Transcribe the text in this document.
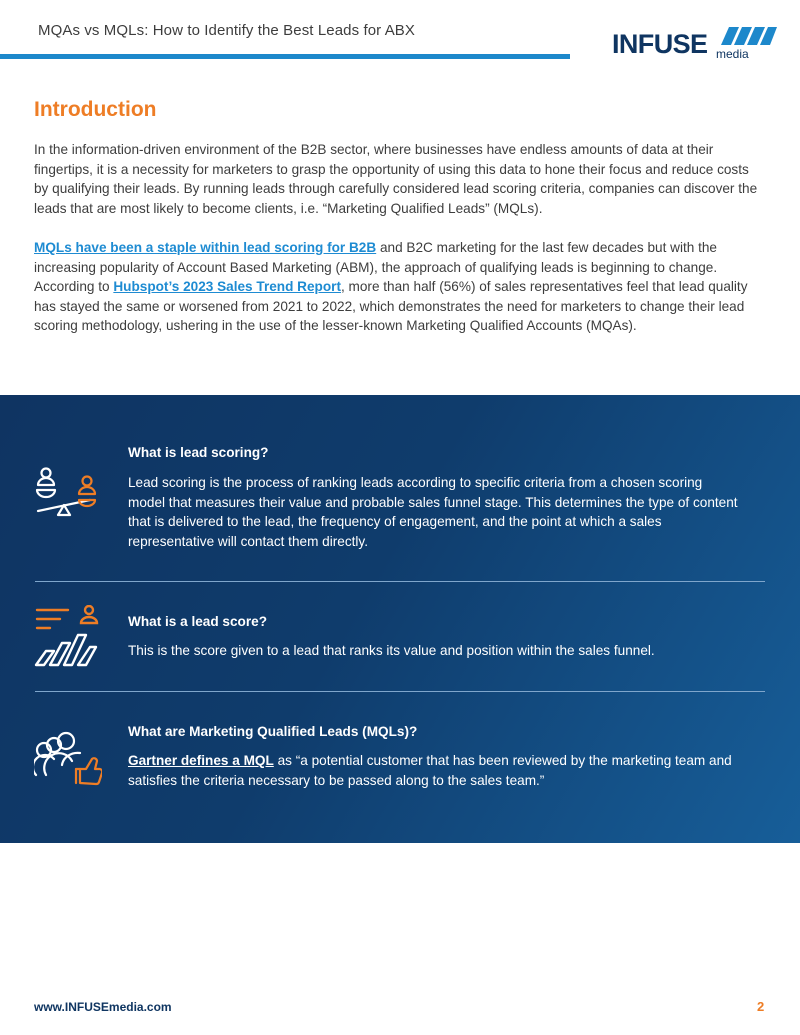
MQAs vs MQLs: How to Identify the Best Leads for ABX	INFUSE media
Introduction

In the information-driven environment of the B2B sector, where businesses have endless amounts of data at their fingertips, it is a necessity for marketers to grasp the opportunity of using this data to hone their focus and reduce costs by qualifying their leads. By running leads through carefully considered lead scoring criteria, companies can discover the leads that are most likely to become clients, i.e. “Marketing Qualified Leads” (MQLs).

MQLs have been a staple within lead scoring for B2B and B2C marketing for the last few decades but with the increasing popularity of Account Based Marketing (ABM), the approach of qualifying leads is beginning to change. According to Hubspot’s 2023 Sales Trend Report, more than half (56%) of sales representatives feel that lead quality has stayed the same or worsened from 2021 to 2022, which demonstrates the need for marketers to change their lead scoring methodology, ushering in the use of the lesser-known Marketing Qualified Accounts (MQAs).

What is lead scoring?
Lead scoring is the process of ranking leads according to specific criteria from a chosen scoring model that measures their value and probable sales funnel stage. This determines the type of content that is delivered to the lead, the frequency of engagement, and the point at which a sales representative will contact them directly.
What is a lead score?
This is the score given to a lead that ranks its value and position within the sales funnel.
What are Marketing Qualified Leads (MQLs)?
Gartner defines a MQL as “a potential customer that has been reviewed by the marketing team and satisfies the criteria necessary to be passed along to the sales team.”
www.INFUSEmedia.com	2
